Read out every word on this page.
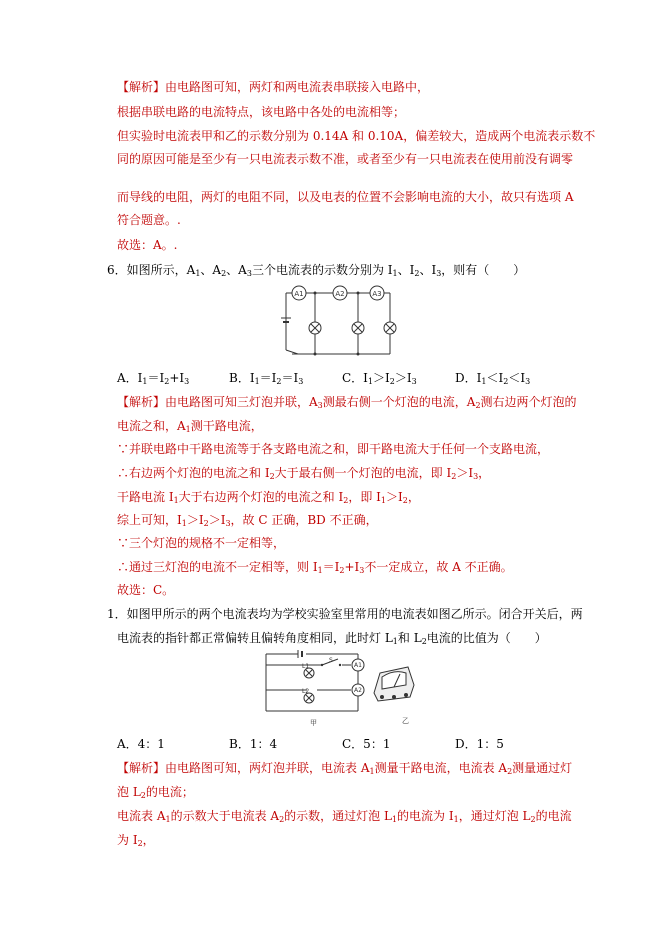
【解析】由电路图可知，两灯和两电流表串联接入电路中，
根据串联电路的电流特点，该电路中各处的电流相等；
但实验时电流表甲和乙的示数分别为 0.14A 和 0.10A，偏差较大，造成两个电流表示数不
同的原因可能是至少有一只电流表示数不准，或者至少有一只电流表在使用前没有调零
而导线的电阻，两灯的电阻不同，以及电表的位置不会影响电流的大小，故只有选项 A
符合题意。.
故选：A。.
6．如图所示，$A_1$、$A_2$、$A_3$三个电流表的示数分别为 $I_1$、$I_2$、$I_3$，则有（　　）
A1	A2	A3
A．$I_1=I_2+I_3$	B．$I_1=I_2=I_3$	C．$I_1>I_2>I_3$	D．$I_1<I_2<I_3$
【解析】由电路图可知三灯泡并联，$A_3$测最右侧一个灯泡的电流，$A_2$测右边两个灯泡的
电流之和，$A_1$测干路电流，
∵并联电路中干路电流等于各支路电流之和，即干路电流大于任何一个支路电流，
∴右边两个灯泡的电流之和 $I_2$大于最右侧一个灯泡的电流，即 $I_2>I_3$，
干路电流 $I_1$大于右边两个灯泡的电流之和 $I_2$，即 $I_1>I_2$，
综上可知，$I_1>I_2>I_3$，故 C 正确，BD 不正确，
∵三个灯泡的规格不一定相等，
∴通过三灯泡的电流不一定相等，则 $I_1=I_2+I_3$不一定成立，故 A 不正确。
故选：C。
1．如图甲所示的两个电流表均为学校实验室里常用的电流表如图乙所示。闭合开关后，两
电流表的指针都正常偏转且偏转角度相同，此时灯 $L_1$和 $L_2$电流的比值为（　　）
S
L1
L2
A1
A2
甲	乙
A．4：1	B．1：4	C．5：1	D．1：5
【解析】由电路图可知，两灯泡并联，电流表 $A_1$测量干路电流，电流表 $A_2$测量通过灯
泡 $L_2$的电流；
电流表 $A_1$的示数大于电流表 $A_2$的示数，通过灯泡 $L_1$的电流为 $I_1$，通过灯泡 $L_2$的电流
为 $I_2$，
